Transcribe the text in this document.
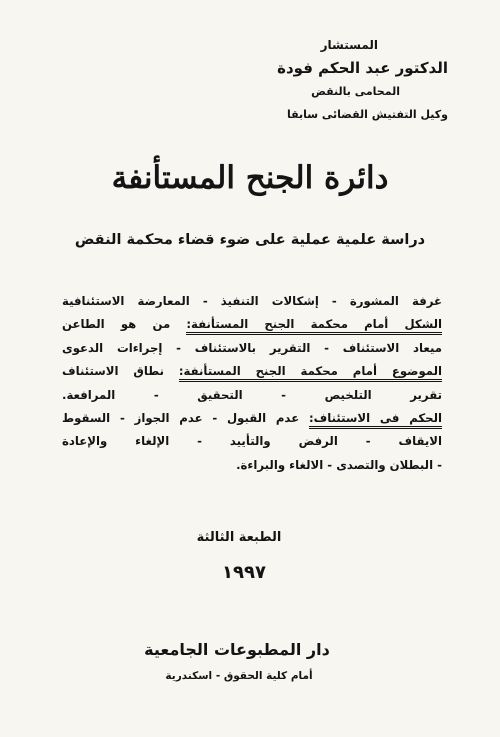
المستشار
الدكتور عبد الحكم فودة
المحامى بالنقض
وكيل التفتيش القضائى سابقا
دائرة الجنح المستأنفة
دراسة علمية عملية على ضوء قضاء محكمة النقض
غرفة المشورة - إشكالات التنفيذ - المعارضة الاستئنافية
الشكل أمام محكمة الجنح المستأنفة: من هو الطاعن
ميعاد الاستئناف - التقرير بالاستئناف - إجراءات الدعوى
الموضوع أمام محكمة الجنح المستأنفة: نطاق الاستئناف
تقرير التلخيص - التحقيق - المرافعة.
الحكم فى الاستئناف: عدم القبول - عدم الجواز - السقوط
الايقاف - الرفض والتأييد - الإلغاء والإعادة
- البطلان والتصدى - الالغاء والبراءة.
الطبعة الثالثة
١٩٩٧
دار المطبوعات الجامعية
أمام كلية الحقوق - اسكندرية
